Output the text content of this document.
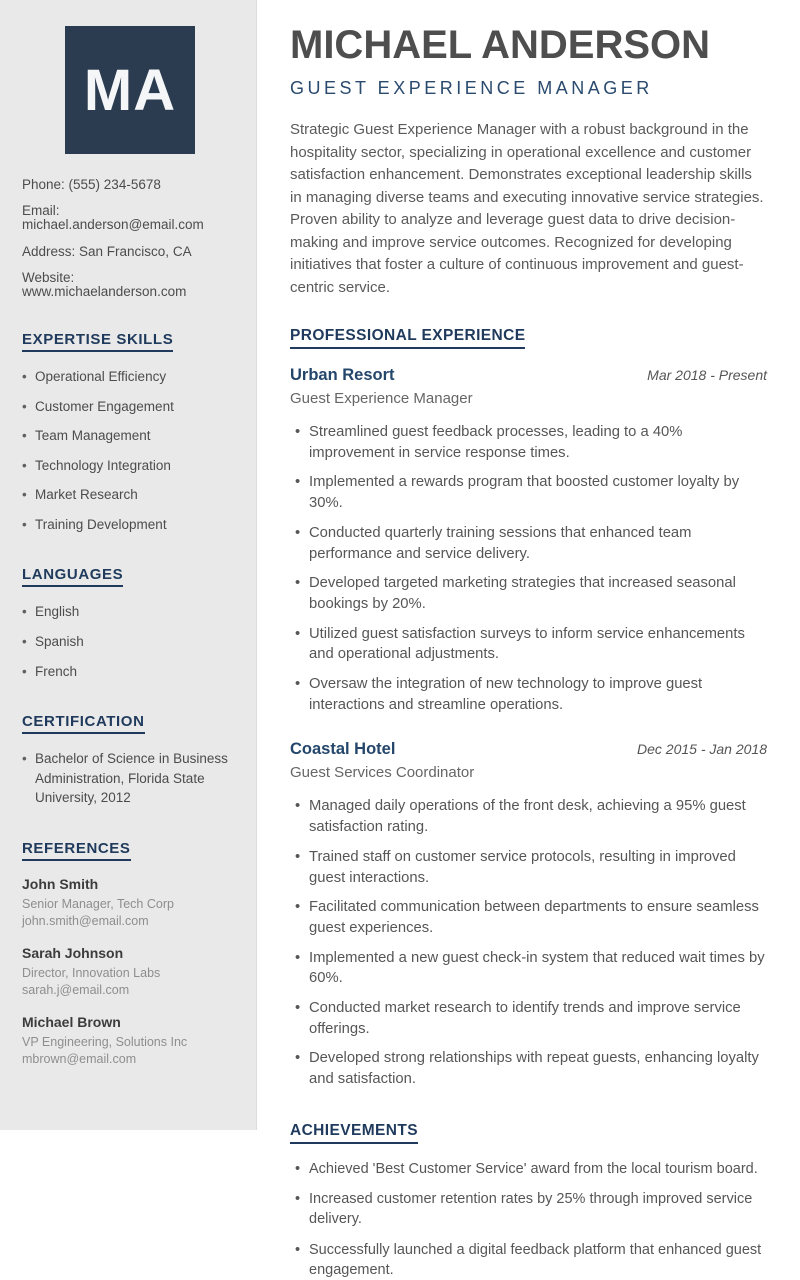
MA
Phone: (555) 234-5678
Email: michael.anderson@email.com
Address: San Francisco, CA
Website: www.michaelanderson.com
EXPERTISE SKILLS
• Operational Efficiency
• Customer Engagement
• Team Management
• Technology Integration
• Market Research
• Training Development
LANGUAGES
• English
• Spanish
• French
CERTIFICATION
• Bachelor of Science in Business Administration, Florida State University, 2012
REFERENCES
John Smith
Senior Manager, Tech Corp
john.smith@email.com
Sarah Johnson
Director, Innovation Labs
sarah.j@email.com
Michael Brown
VP Engineering, Solutions Inc
mbrown@email.com
MICHAEL ANDERSON
GUEST EXPERIENCE MANAGER

Strategic Guest Experience Manager with a robust background in the hospitality sector, specializing in operational excellence and customer satisfaction enhancement. Demonstrates exceptional leadership skills in managing diverse teams and executing innovative service strategies. Proven ability to analyze and leverage guest data to drive decision-making and improve service outcomes. Recognized for developing initiatives that foster a culture of continuous improvement and guest-centric service.

PROFESSIONAL EXPERIENCE
Urban Resort	Mar 2018 - Present
Guest Experience Manager
• Streamlined guest feedback processes, leading to a 40% improvement in service response times.
• Implemented a rewards program that boosted customer loyalty by 30%.
• Conducted quarterly training sessions that enhanced team performance and service delivery.
• Developed targeted marketing strategies that increased seasonal bookings by 20%.
• Utilized guest satisfaction surveys to inform service enhancements and operational adjustments.
• Oversaw the integration of new technology to improve guest interactions and streamline operations.
Coastal Hotel	Dec 2015 - Jan 2018
Guest Services Coordinator
• Managed daily operations of the front desk, achieving a 95% guest satisfaction rating.
• Trained staff on customer service protocols, resulting in improved guest interactions.
• Facilitated communication between departments to ensure seamless guest experiences.
• Implemented a new guest check-in system that reduced wait times by 60%.
• Conducted market research to identify trends and improve service offerings.
• Developed strong relationships with repeat guests, enhancing loyalty and satisfaction.
ACHIEVEMENTS
• Achieved 'Best Customer Service' award from the local tourism board.
• Increased customer retention rates by 25% through improved service delivery.
• Successfully launched a digital feedback platform that enhanced guest engagement.
